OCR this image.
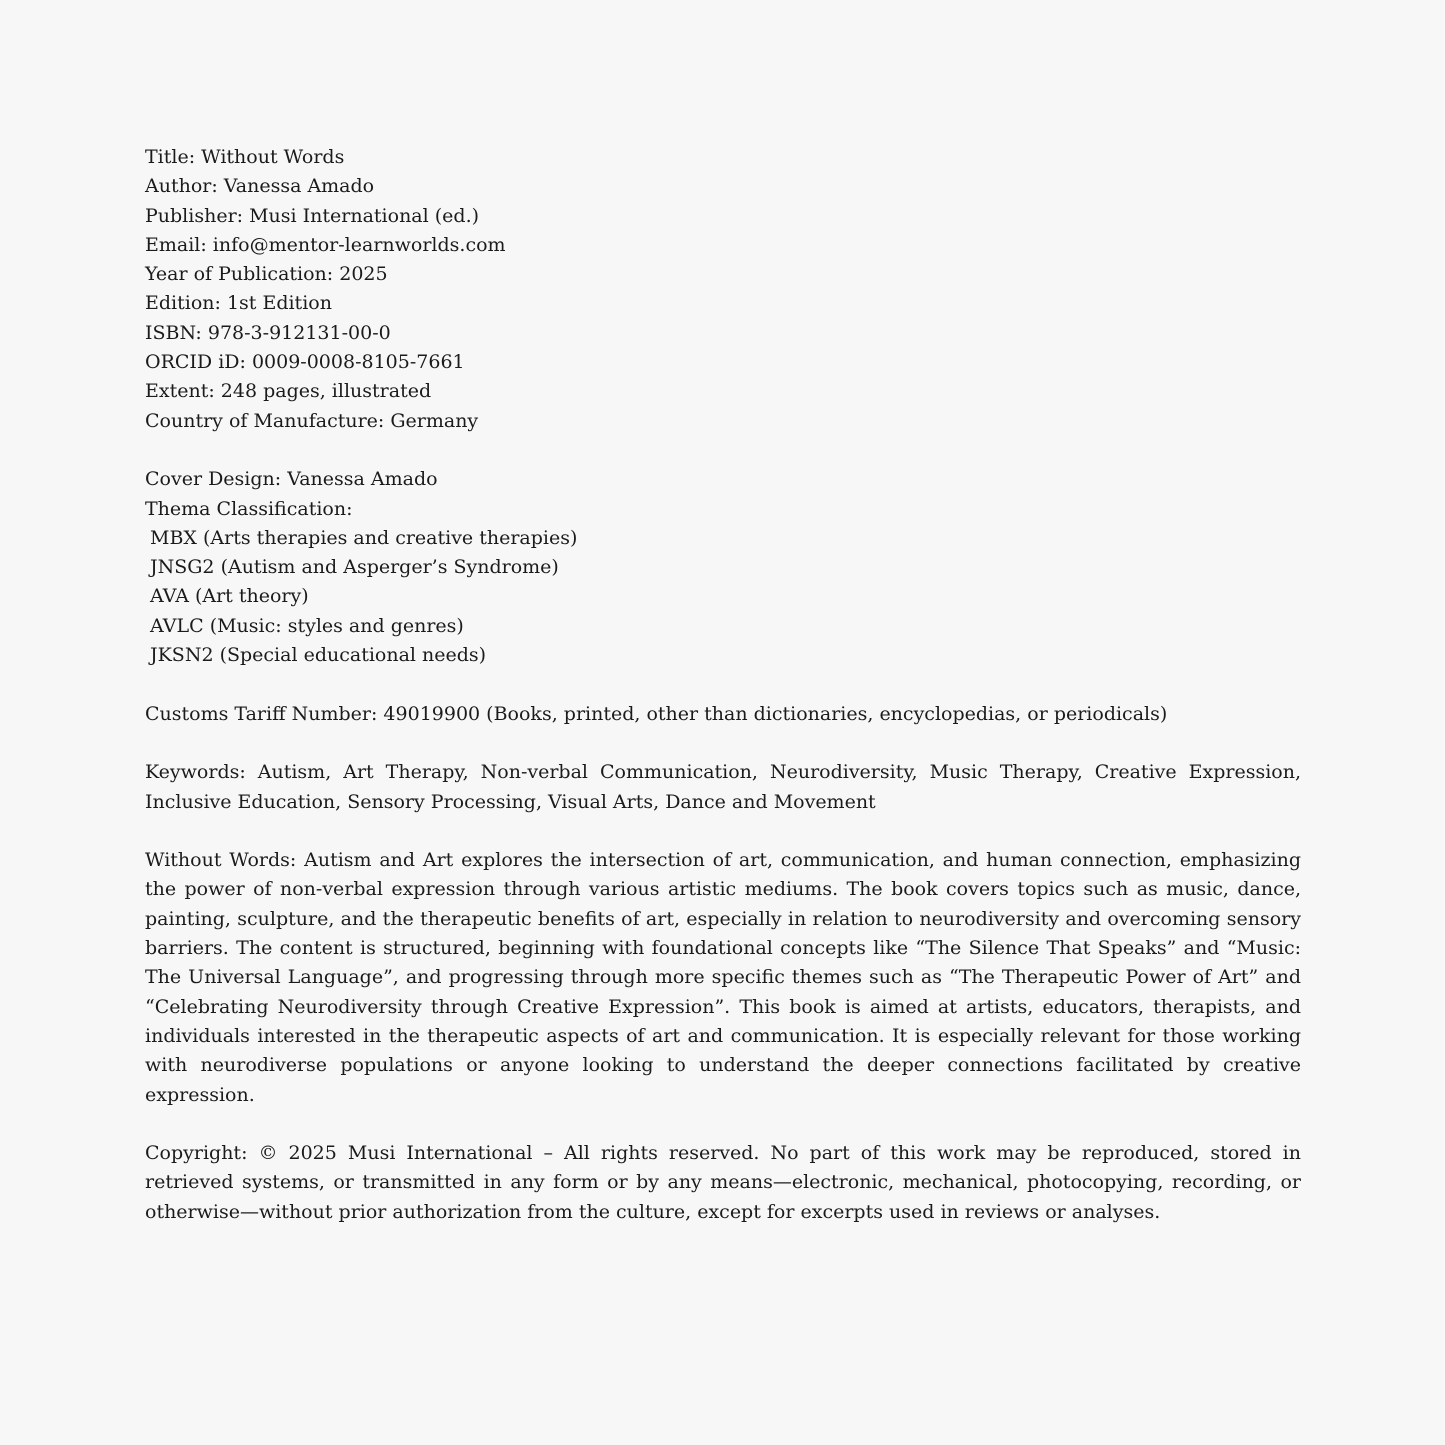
Title: Without Words
Author: Vanessa Amado
Publisher: Musi International (ed.)
Email: info@mentor-learnworlds.com
Year of Publication: 2025
Edition: 1st Edition
ISBN: 978-3-912131-00-0
ORCID iD: 0009-0008-8105-7661
Extent: 248 pages, illustrated
Country of Manufacture: Germany
Cover Design: Vanessa Amado
Thema Classification:
MBX (Arts therapies and creative therapies)
JNSG2 (Autism and Asperger’s Syndrome)
AVA (Art theory)
AVLC (Music: styles and genres)
JKSN2 (Special educational needs)

Customs Tariff Number: 49019900 (Books, printed, other than dictionaries, encyclopedias, or periodicals)

Keywords: Autism, Art Therapy, Non-verbal Communication, Neurodiversity, Music Therapy, Creative Expression, Inclusive Education, Sensory Processing, Visual Arts, Dance and Movement

Without Words: Autism and Art explores the intersection of art, communication, and human connection, emphasizing the power of non-verbal expression through various artistic mediums. The book covers topics such as music, dance, painting, sculpture, and the therapeutic benefits of art, especially in relation to neurodiversity and overcoming sensory barriers. The content is structured, beginning with foundational concepts like “The Silence That Speaks” and “Music: The Universal Language”, and progressing through more specific themes such as “The Therapeutic Power of Art” and “Celebrating Neurodiversity through Creative Expression”. This book is aimed at artists, educators, therapists, and individuals interested in the therapeutic aspects of art and communication. It is especially relevant for those working with neurodiverse populations or anyone looking to understand the deeper connections facilitated by creative expression.

Copyright: © 2025 Musi International – All rights reserved. No part of this work may be reproduced, stored in retrieved systems, or transmitted in any form or by any means—electronic, mechanical, photocopying, recording, or otherwise—without prior authorization from the culture, except for excerpts used in reviews or analyses.
